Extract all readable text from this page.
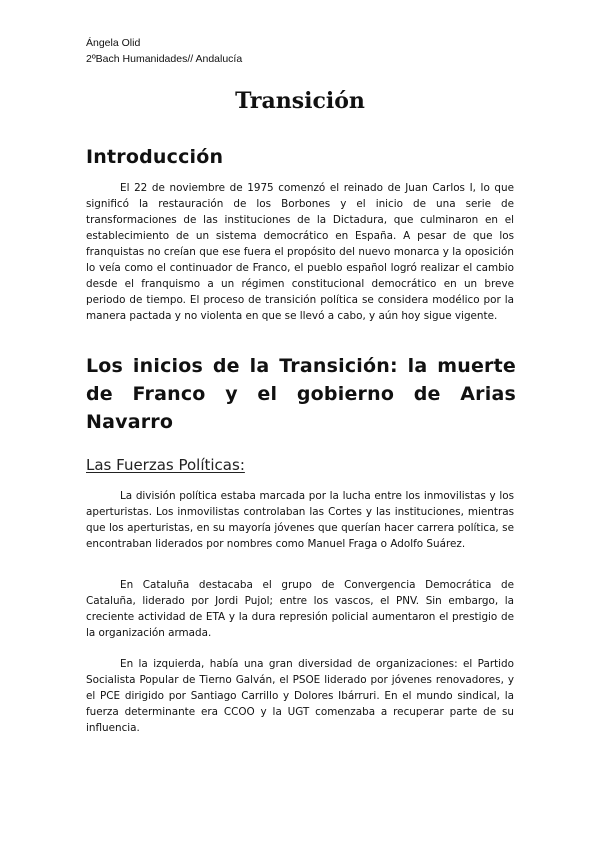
Ángela Olid
2ºBach Humanidades// Andalucía
Transición
Introducción

El 22 de noviembre de 1975 comenzó el reinado de Juan Carlos I, lo que significó la restauración de los Borbones y el inicio de una serie de transformaciones de las instituciones de la Dictadura, que culminaron en el establecimiento de un sistema democrático en España. A pesar de que los franquistas no creían que ese fuera el propósito del nuevo monarca y la oposición lo veía como el continuador de Franco, el pueblo español logró realizar el cambio desde el franquismo a un régimen constitucional democrático en un breve periodo de tiempo. El proceso de transición política se considera modélico por la manera pactada y no violenta en que se llevó a cabo, y aún hoy sigue vigente.

Los inicios de la Transición: la muerte de Franco y el gobierno de Arias Navarro
Las Fuerzas Políticas:

La división política estaba marcada por la lucha entre los inmovilistas y los aperturistas. Los inmovilistas controlaban las Cortes y las instituciones, mientras que los aperturistas, en su mayoría jóvenes que querían hacer carrera política, se encontraban liderados por nombres como Manuel Fraga o Adolfo Suárez.

En Cataluña destacaba el grupo de Convergencia Democrática de Cataluña, liderado por Jordi Pujol; entre los vascos, el PNV. Sin embargo, la creciente actividad de ETA y la dura represión policial aumentaron el prestigio de la organización armada.

En la izquierda, había una gran diversidad de organizaciones: el Partido Socialista Popular de Tierno Galván, el PSOE liderado por jóvenes renovadores, y el PCE dirigido por Santiago Carrillo y Dolores Ibárruri. En el mundo sindical, la fuerza determinante era CCOO y la UGT comenzaba a recuperar parte de su influencia.
